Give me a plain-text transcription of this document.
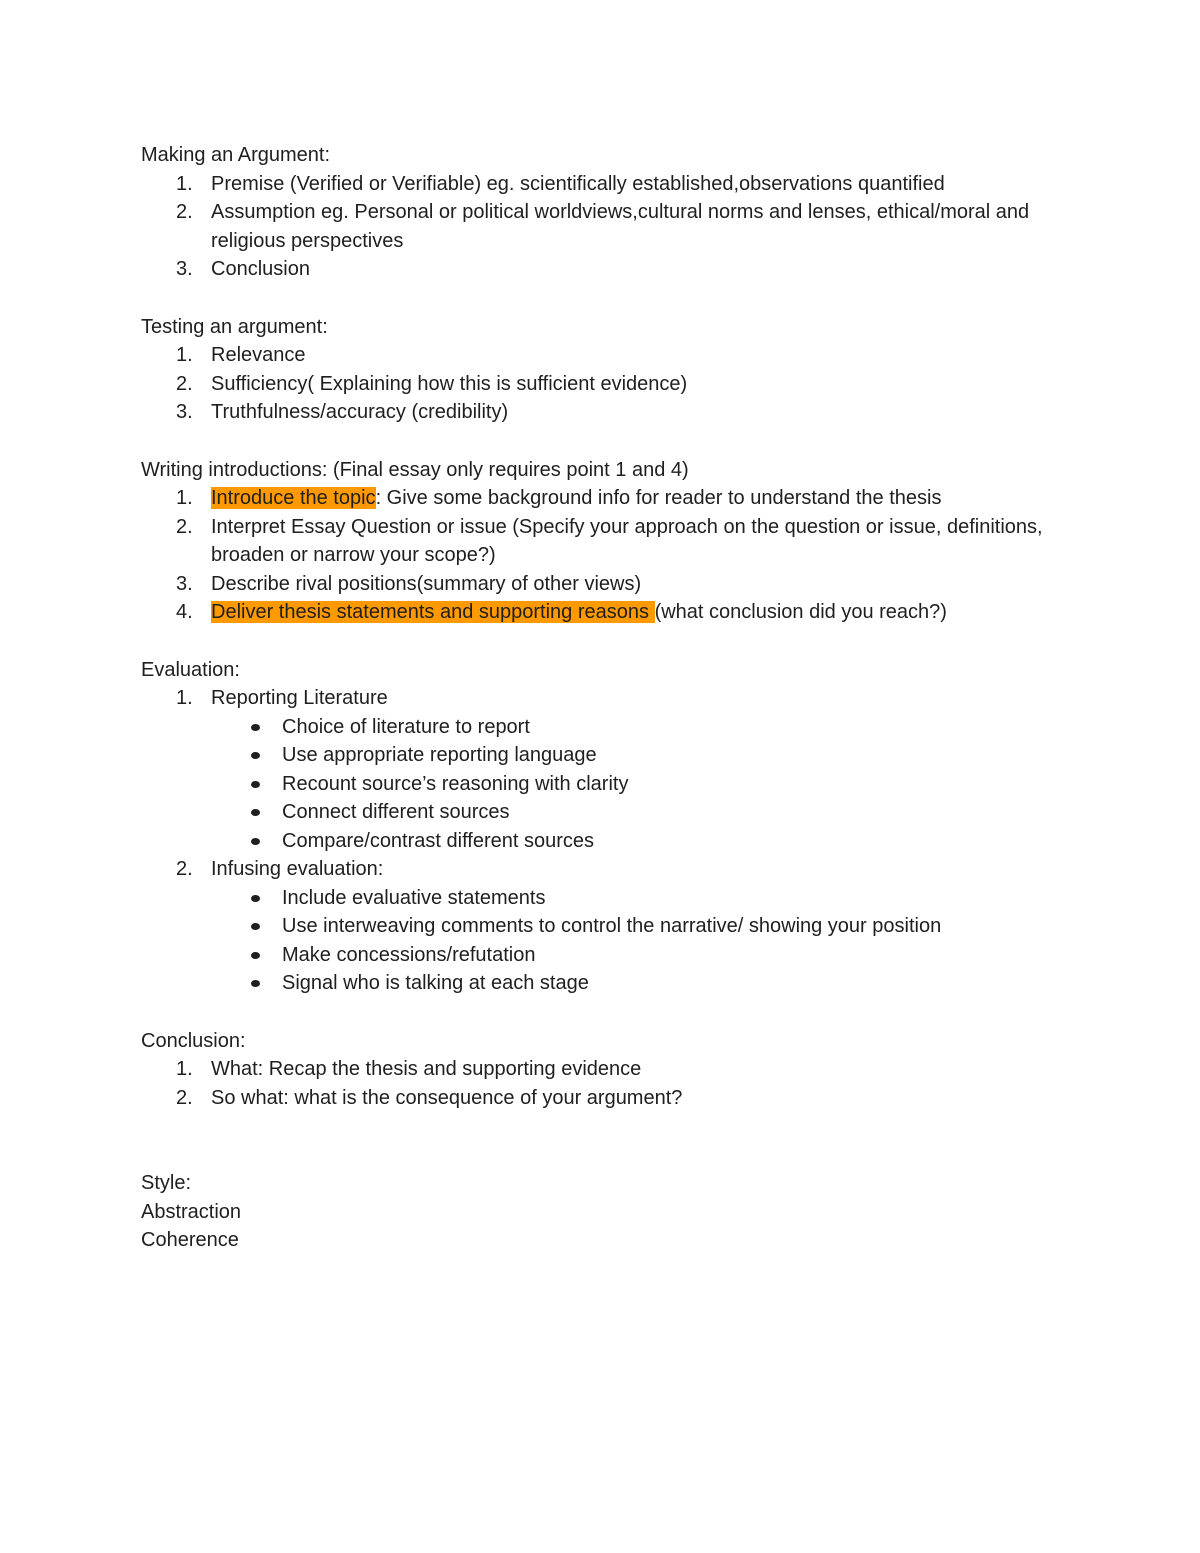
Making an Argument:
1. Premise (Verified or Verifiable) eg. scientifically established,observations quantified
2. Assumption eg. Personal or political worldviews,cultural norms and lenses, ethical/moral and religious perspectives
3. Conclusion
Testing an argument:
1. Relevance
2. Sufficiency( Explaining how this is sufficient evidence)
3. Truthfulness/accuracy (credibility)
Writing introductions: (Final essay only requires point 1 and 4)
1. Introduce the topic: Give some background info for reader to understand the thesis
2. Interpret Essay Question or issue (Specify your approach on the question or issue, definitions, broaden or narrow your scope?)
3. Describe rival positions(summary of other views)
4. Deliver thesis statements and supporting reasons (what conclusion did you reach?)
Evaluation:
1. Reporting Literature
Choice of literature to report
Use appropriate reporting language
Recount source’s reasoning with clarity
Connect different sources
Compare/contrast different sources
2. Infusing evaluation:
Include evaluative statements
Use interweaving comments to control the narrative/ showing your position
Make concessions/refutation
Signal who is talking at each stage
Conclusion:
1. What: Recap the thesis and supporting evidence
2. So what: what is the consequence of your argument?
Style:
Abstraction
Coherence
